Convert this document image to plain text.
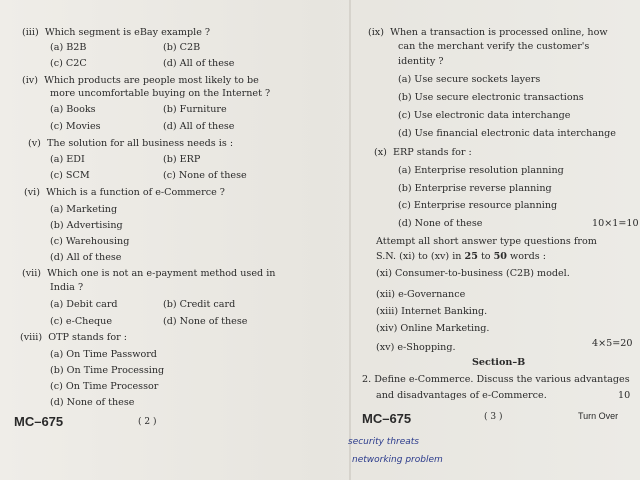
(iii) Which segment is eBay example ?
(a) B2B	(b) C2B
(c) C2C	(d) All of these
(iv) Which products are people most likely to be
more uncomfortable buying on the Internet ?
(a) Books	(b) Furniture
(c) Movies	(d) All of these
(v) The solution for all business needs is :
(a) EDI	(b) ERP
(c) SCM	(c) None of these
(vi) Which is a function of e-Commerce ?
(a) Marketing
(b) Advertising
(c) Warehousing
(d) All of these
(vii) Which one is not an e-payment method used in
India ?
(a) Debit card	(b) Credit card
(c) e-Cheque	(d) None of these
(viii) OTP stands for :
(a) On Time Password
(b) On Time Processing
(c) On Time Processor
(d) None of these
MC–675	( 2 )
(ix) When a transaction is processed online, how
can the merchant verify the customer's
identity ?
(a) Use secure sockets layers
(b) Use secure electronic transactions
(c) Use electronic data interchange
(d) Use financial electronic data interchange
(x) ERP stands for :
(a) Enterprise resolution planning
(b) Enterprise reverse planning
(c) Enterprise resource planning
(d) None of these	10×1=10
Attempt all short answer type questions from
S.N. (xi) to (xv) in 25 to 50 words :
(xi) Consumer-to-business (C2B) model.
(xii) e-Governance
(xiii) Internet Banking.
(xiv) Online Marketing.
(xv) e-Shopping.	4×5=20
Section–B
2. Define e-Commerce. Discuss the various advantages
and disadvantages of e-Commerce.	10
MC–675	( 3 )	Turn Over
security threats
networking problem
